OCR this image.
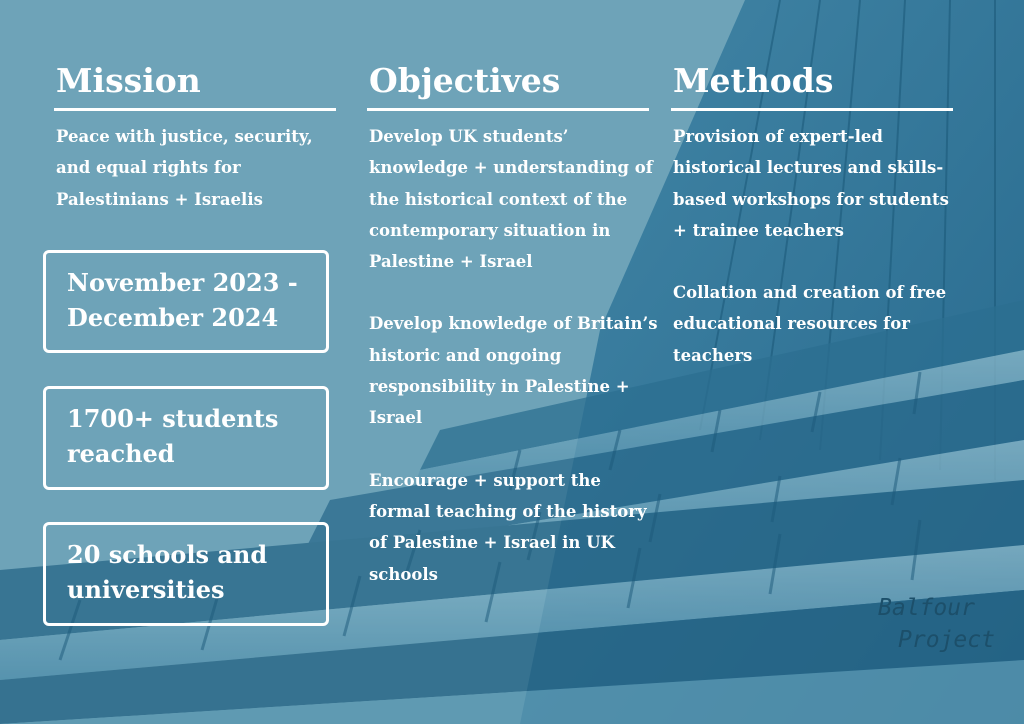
Mission

Peace with justice, security, and equal rights for Palestinians + Israelis

Objectives

Develop UK students’ knowledge + understanding of the historical context of the contemporary situation in Palestine + Israel

Develop knowledge of Britain’s historic and ongoing responsibility in Palestine + Israel

Encourage + support the formal teaching of the history of Palestine + Israel in UK schools

Methods

Provision of expert-led historical lectures and skills-based workshops for students + trainee teachers

Collation and creation of free educational resources for teachers

November 2023 - December 2024
1700+ students reached
20 schools and universities
Balfour
Project
